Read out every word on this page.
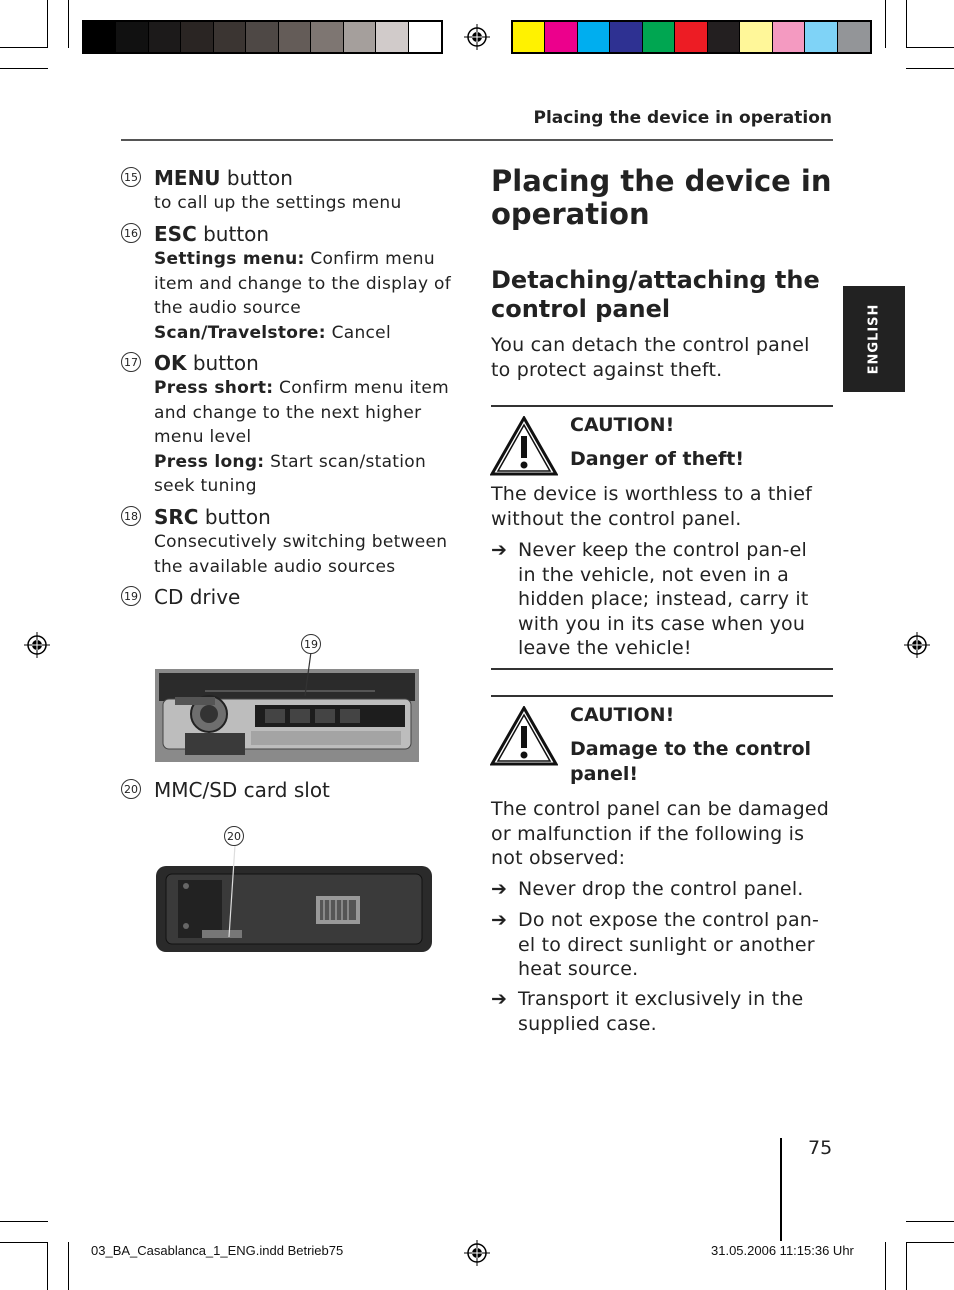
Placing the device in operation
15 MENU button
to call up the settings menu
16 ESC button
Settings menu: Confirm menu item and change to the display of the audio source
Scan/Travelstore: Cancel
17 OK button
Press short: Confirm menu item and change to the next higher menu level
Press long: Start scan/station seek tuning
18 SRC button
Consecutively switching between the available audio sources
19 CD drive
20 MMC/SD card slot
19
20
Placing the device in operation
Detaching/attaching the control panel
You can detach the control panel to protect against theft.
CAUTION!
Danger of theft!
The device is worthless to a thief without the control panel.
➔ Never keep the control pan-el in the vehicle, not even in a hidden place; instead, carry it with you in its case when you leave the vehicle!
CAUTION!
Damage to the control panel!
The control panel can be damaged or malfunction if the following is not observed:
➔ Never drop the control panel.
➔ Do not expose the control pan-el to direct sunlight or another heat source.
➔ Transport it exclusively in the supplied case.
ENGLISH
75
03_BA_Casablanca_1_ENG.indd Betrieb75	31.05.2006 11:15:36 Uhr
